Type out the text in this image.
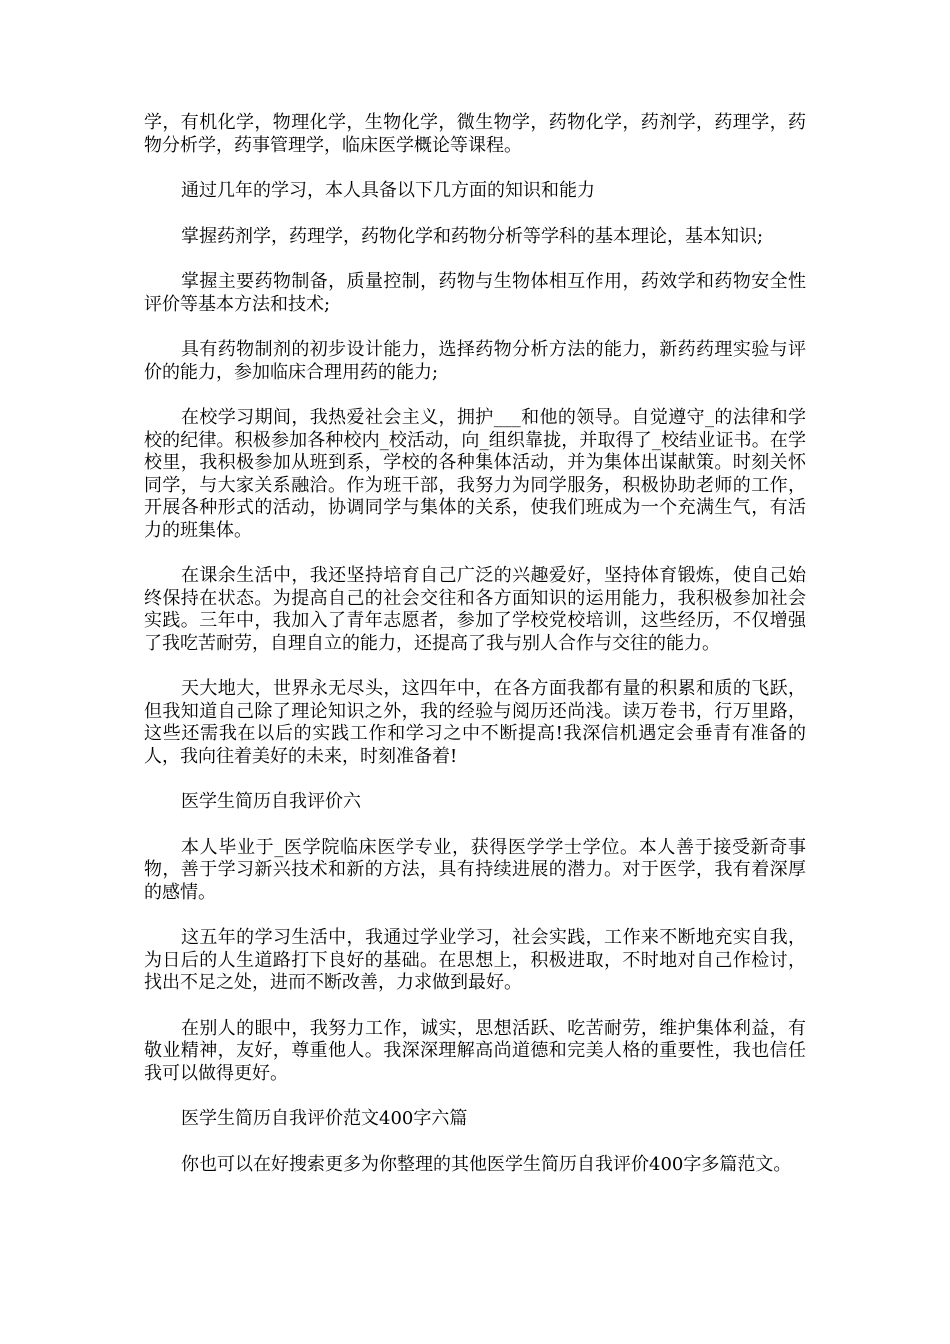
学，有机化学，物理化学，生物化学，微生物学，药物化学，药剂学，药理学，药物分析学，药事管理学，临床医学概论等课程。

通过几年的学习，本人具备以下几方面的知识和能力

掌握药剂学，药理学，药物化学和药物分析等学科的基本理论，基本知识;

掌握主要药物制备，质量控制，药物与生物体相互作用，药效学和药物安全性评价等基本方法和技术;

具有药物制剂的初步设计能力，选择药物分析方法的能力，新药药理实验与评价的能力，参加临床合理用药的能力;

在校学习期间，我热爱社会主义，拥护___和他的领导。自觉遵守_的法律和学校的纪律。积极参加各种校内_校活动，向_组织靠拢，并取得了_校结业证书。在学校里，我积极参加从班到系，学校的各种集体活动，并为集体出谋献策。时刻关怀同学，与大家关系融洽。作为班干部，我努力为同学服务，积极协助老师的工作，开展各种形式的活动，协调同学与集体的关系，使我们班成为一个充满生气，有活力的班集体。

在课余生活中，我还坚持培育自己广泛的兴趣爱好，坚持体育锻炼，使自己始终保持在状态。为提高自己的社会交往和各方面知识的运用能力，我积极参加社会实践。三年中，我加入了青年志愿者，参加了学校党校培训，这些经历，不仅增强了我吃苦耐劳，自理自立的能力，还提高了我与别人合作与交往的能力。

天大地大，世界永无尽头，这四年中，在各方面我都有量的积累和质的飞跃，但我知道自己除了理论知识之外，我的经验与阅历还尚浅。读万卷书，行万里路，这些还需我在以后的实践工作和学习之中不断提高!我深信机遇定会垂青有准备的人，我向往着美好的未来，时刻准备着!

医学生简历自我评价六

本人毕业于_医学院临床医学专业，获得医学学士学位。本人善于接受新奇事物，善于学习新兴技术和新的方法，具有持续进展的潜力。对于医学，我有着深厚的感情。

这五年的学习生活中，我通过学业学习，社会实践，工作来不断地充实自我，为日后的人生道路打下良好的基础。在思想上，积极进取，不时地对自己作检讨，找出不足之处，进而不断改善，力求做到最好。

在别人的眼中，我努力工作，诚实，思想活跃、吃苦耐劳，维护集体利益，有敬业精神，友好，尊重他人。我深深理解高尚道德和完美人格的重要性，我也信任我可以做得更好。

医学生简历自我评价范文400字六篇

你也可以在好搜索更多为你整理的其他医学生简历自我评价400字多篇范文。
